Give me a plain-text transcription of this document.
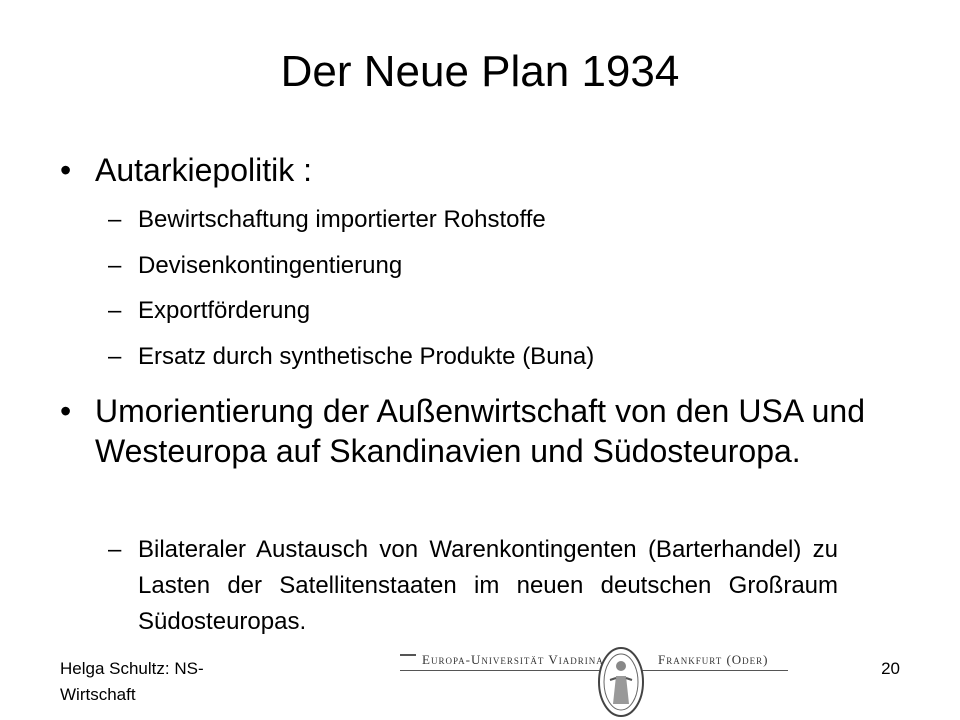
Der Neue Plan 1934
• Autarkiepolitik :
– Bewirtschaftung importierter Rohstoffe
– Devisenkontingentierung
– Exportförderung
– Ersatz durch synthetische Produkte (Buna)
• Umorientierung der Außenwirtschaft von den USA und Westeuropa auf Skandinavien und Südosteuropa.
– Bilateraler Austausch von Warenkontingenten (Barterhandel) zu Lasten der Satellitenstaaten im neuen deutschen Großraum Südosteuropas.
Helga Schultz: NS-Wirtschaft
Europa-Universität Viadrina	Frankfurt (Oder)	20
